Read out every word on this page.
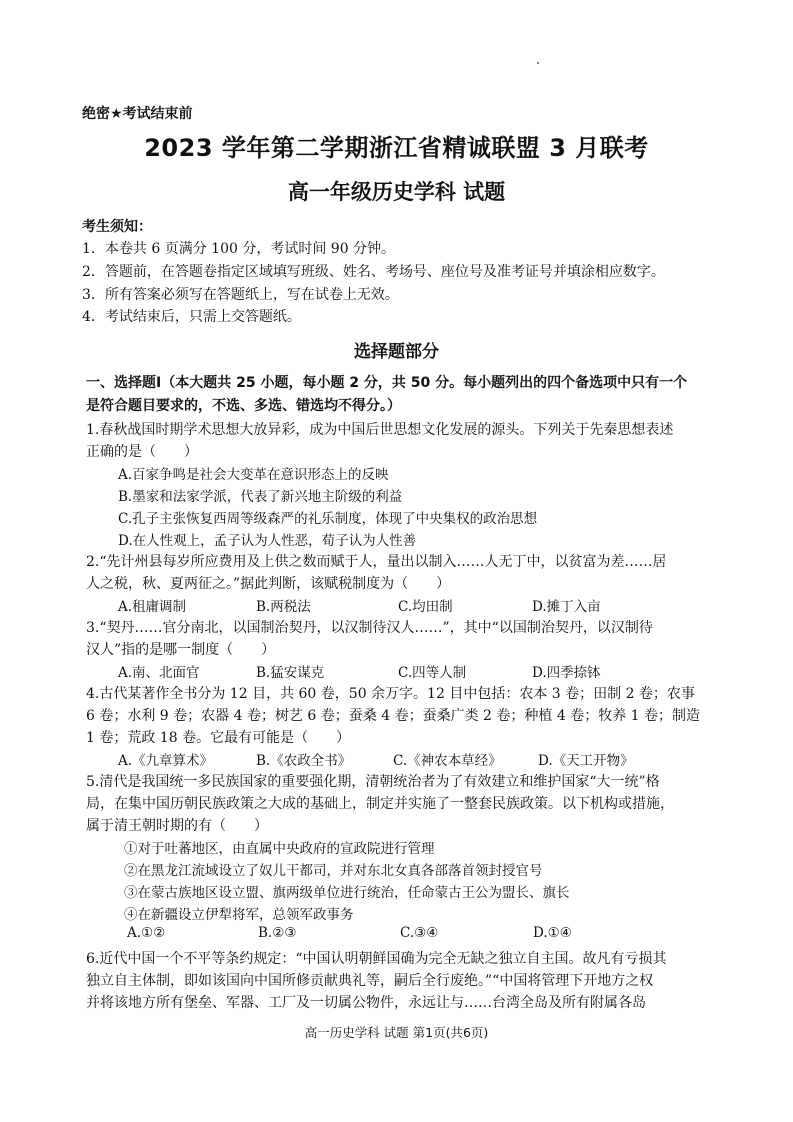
绝密★考试结束前
2023 学年第二学期浙江省精诚联盟 3 月联考
高一年级历史学科 试题
考生须知：
1．本卷共 6 页满分 100 分，考试时间 90 分钟。
2．答题前，在答题卷指定区域填写班级、姓名、考场号、座位号及准考证号并填涂相应数字。
3．所有答案必须写在答题纸上，写在试卷上无效。
4．考试结束后，只需上交答题纸。
选择题部分
一、选择题Ⅰ（本大题共 25 小题，每小题 2 分，共 50 分。每小题列出的四个备选项中只有一个
是符合题目要求的，不选、多选、错选均不得分。）
1.春秋战国时期学术思想大放异彩，成为中国后世思想文化发展的源头。下列关于先秦思想表述
正确的是（　　）
A.百家争鸣是社会大变革在意识形态上的反映
B.墨家和法家学派，代表了新兴地主阶级的利益
C.孔子主张恢复西周等级森严的礼乐制度，体现了中央集权的政治思想
D.在人性观上，孟子认为人性恶，荀子认为人性善
2.“先计州县每岁所应费用及上供之数而赋于人，量出以制入……人无丁中，以贫富为差……居
人之税，秋、夏两征之。”据此判断，该赋税制度为（　　）
A.租庸调制	B.两税法	C.均田制	D.摊丁入亩
3.“契丹……官分南北，以国制治契丹，以汉制待汉人……”，其中“以国制治契丹，以汉制待
汉人”指的是哪一制度（　　）
A.南、北面官	B.猛安谋克	C.四等人制	D.四季捺钵
4.古代某著作全书分为 12 目，共 60 卷，50 余万字。12 目中包括：农本 3 卷；田制 2 卷；农事
6 卷；水利 9 卷；农器 4 卷；树艺 6 卷；蚕桑 4 卷；蚕桑广类 2 卷；种植 4 卷；牧养 1 卷；制造
1 卷；荒政 18 卷。它最有可能是（　　）
A.《九章算术》	B.《农政全书》	C.《神农本草经》	D.《天工开物》
5.清代是我国统一多民族国家的重要强化期，清朝统治者为了有效建立和维护国家“大一统”格
局，在集中国历朝民族政策之大成的基础上，制定并实施了一整套民族政策。以下机构或措施，
属于清王朝时期的有（　　）
①对于吐蕃地区，由直属中央政府的宣政院进行管理
②在黑龙江流域设立了奴儿干都司，并对东北女真各部落首领封授官号
③在蒙古族地区设立盟、旗两级单位进行统治，任命蒙古王公为盟长、旗长
④在新疆设立伊犁将军，总领军政事务
A.①②	B.②③	C.③④	D.①④
6.近代中国一个不平等条约规定：“中国认明朝鲜国确为完全无缺之独立自主国。故凡有亏损其
独立自主体制，即如该国向中国所修贡献典礼等，嗣后全行废绝。”“中国将管理下开地方之权
并将该地方所有堡垒、军器、工厂及一切属公物件，永远让与……台湾全岛及所有附属各岛
高一历史学科 试题 第1页(共6页)
